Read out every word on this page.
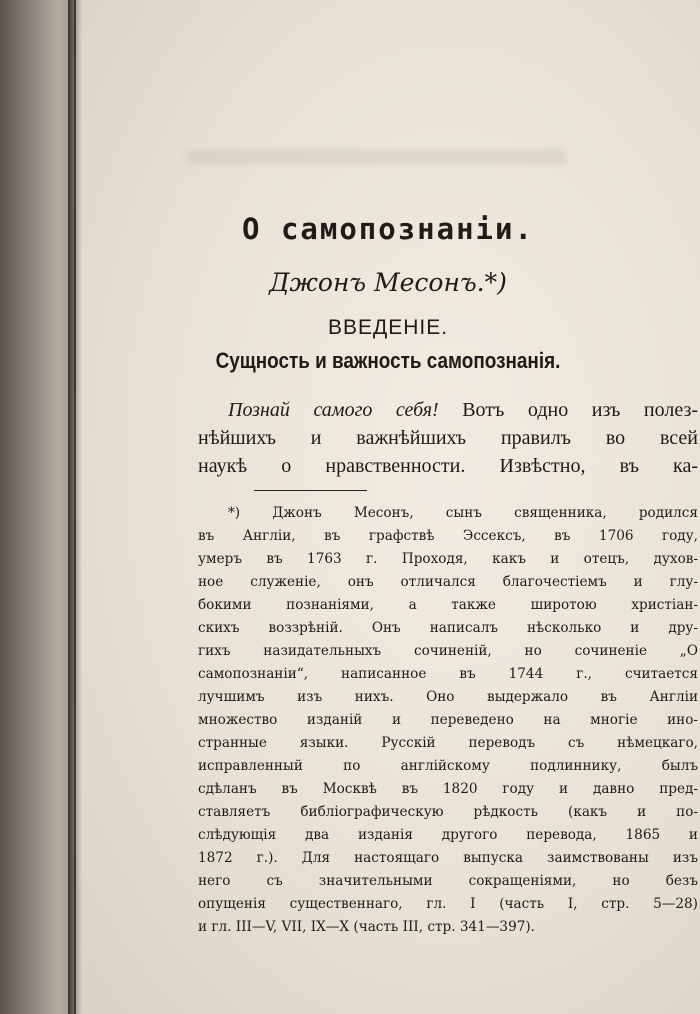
О самопознаніи.
Джонъ Месонъ.*)
ВВЕДЕНІЕ.
Сущность и важность самопознанія.
Познай самого себя! Вотъ одно изъ полез-
нѣйшихъ и важнѣйшихъ правилъ во всей
наукѣ о нравственности. Извѣстно, въ ка-
*) Джонъ Месонъ, сынъ священника, родился
въ Англіи, въ графствѣ Эссексъ, въ 1706 году,
умеръ въ 1763 г. Проходя, какъ и отецъ, духов-
ное служеніе, онъ отличался благочестіемъ и глу-
бокими познаніями, а также широтою христіан-
скихъ воззрѣній. Онъ написалъ нѣсколько и дру-
гихъ назидательныхъ сочиненій, но сочиненіе „О
самопознаніи“, написанное въ 1744 г., считается
лучшимъ изъ нихъ. Оно выдержало въ Англіи
множество изданій и переведено на многіе ино-
странные языки. Русскій переводъ съ нѣмецкаго,
исправленный по англійскому подлиннику, былъ
сдѣланъ въ Москвѣ въ 1820 году и давно пред-
ставляетъ библіографическую рѣдкость (какъ и по-
слѣдующія два изданія другого перевода, 1865 и
1872 г.). Для настоящаго выпуска заимствованы изъ
него съ значительными сокращеніями, но безъ
опущенія существеннаго, гл. I (часть I, стр. 5—28)
и гл. III—V, VII, IX—X (часть III, стр. 341—397).
